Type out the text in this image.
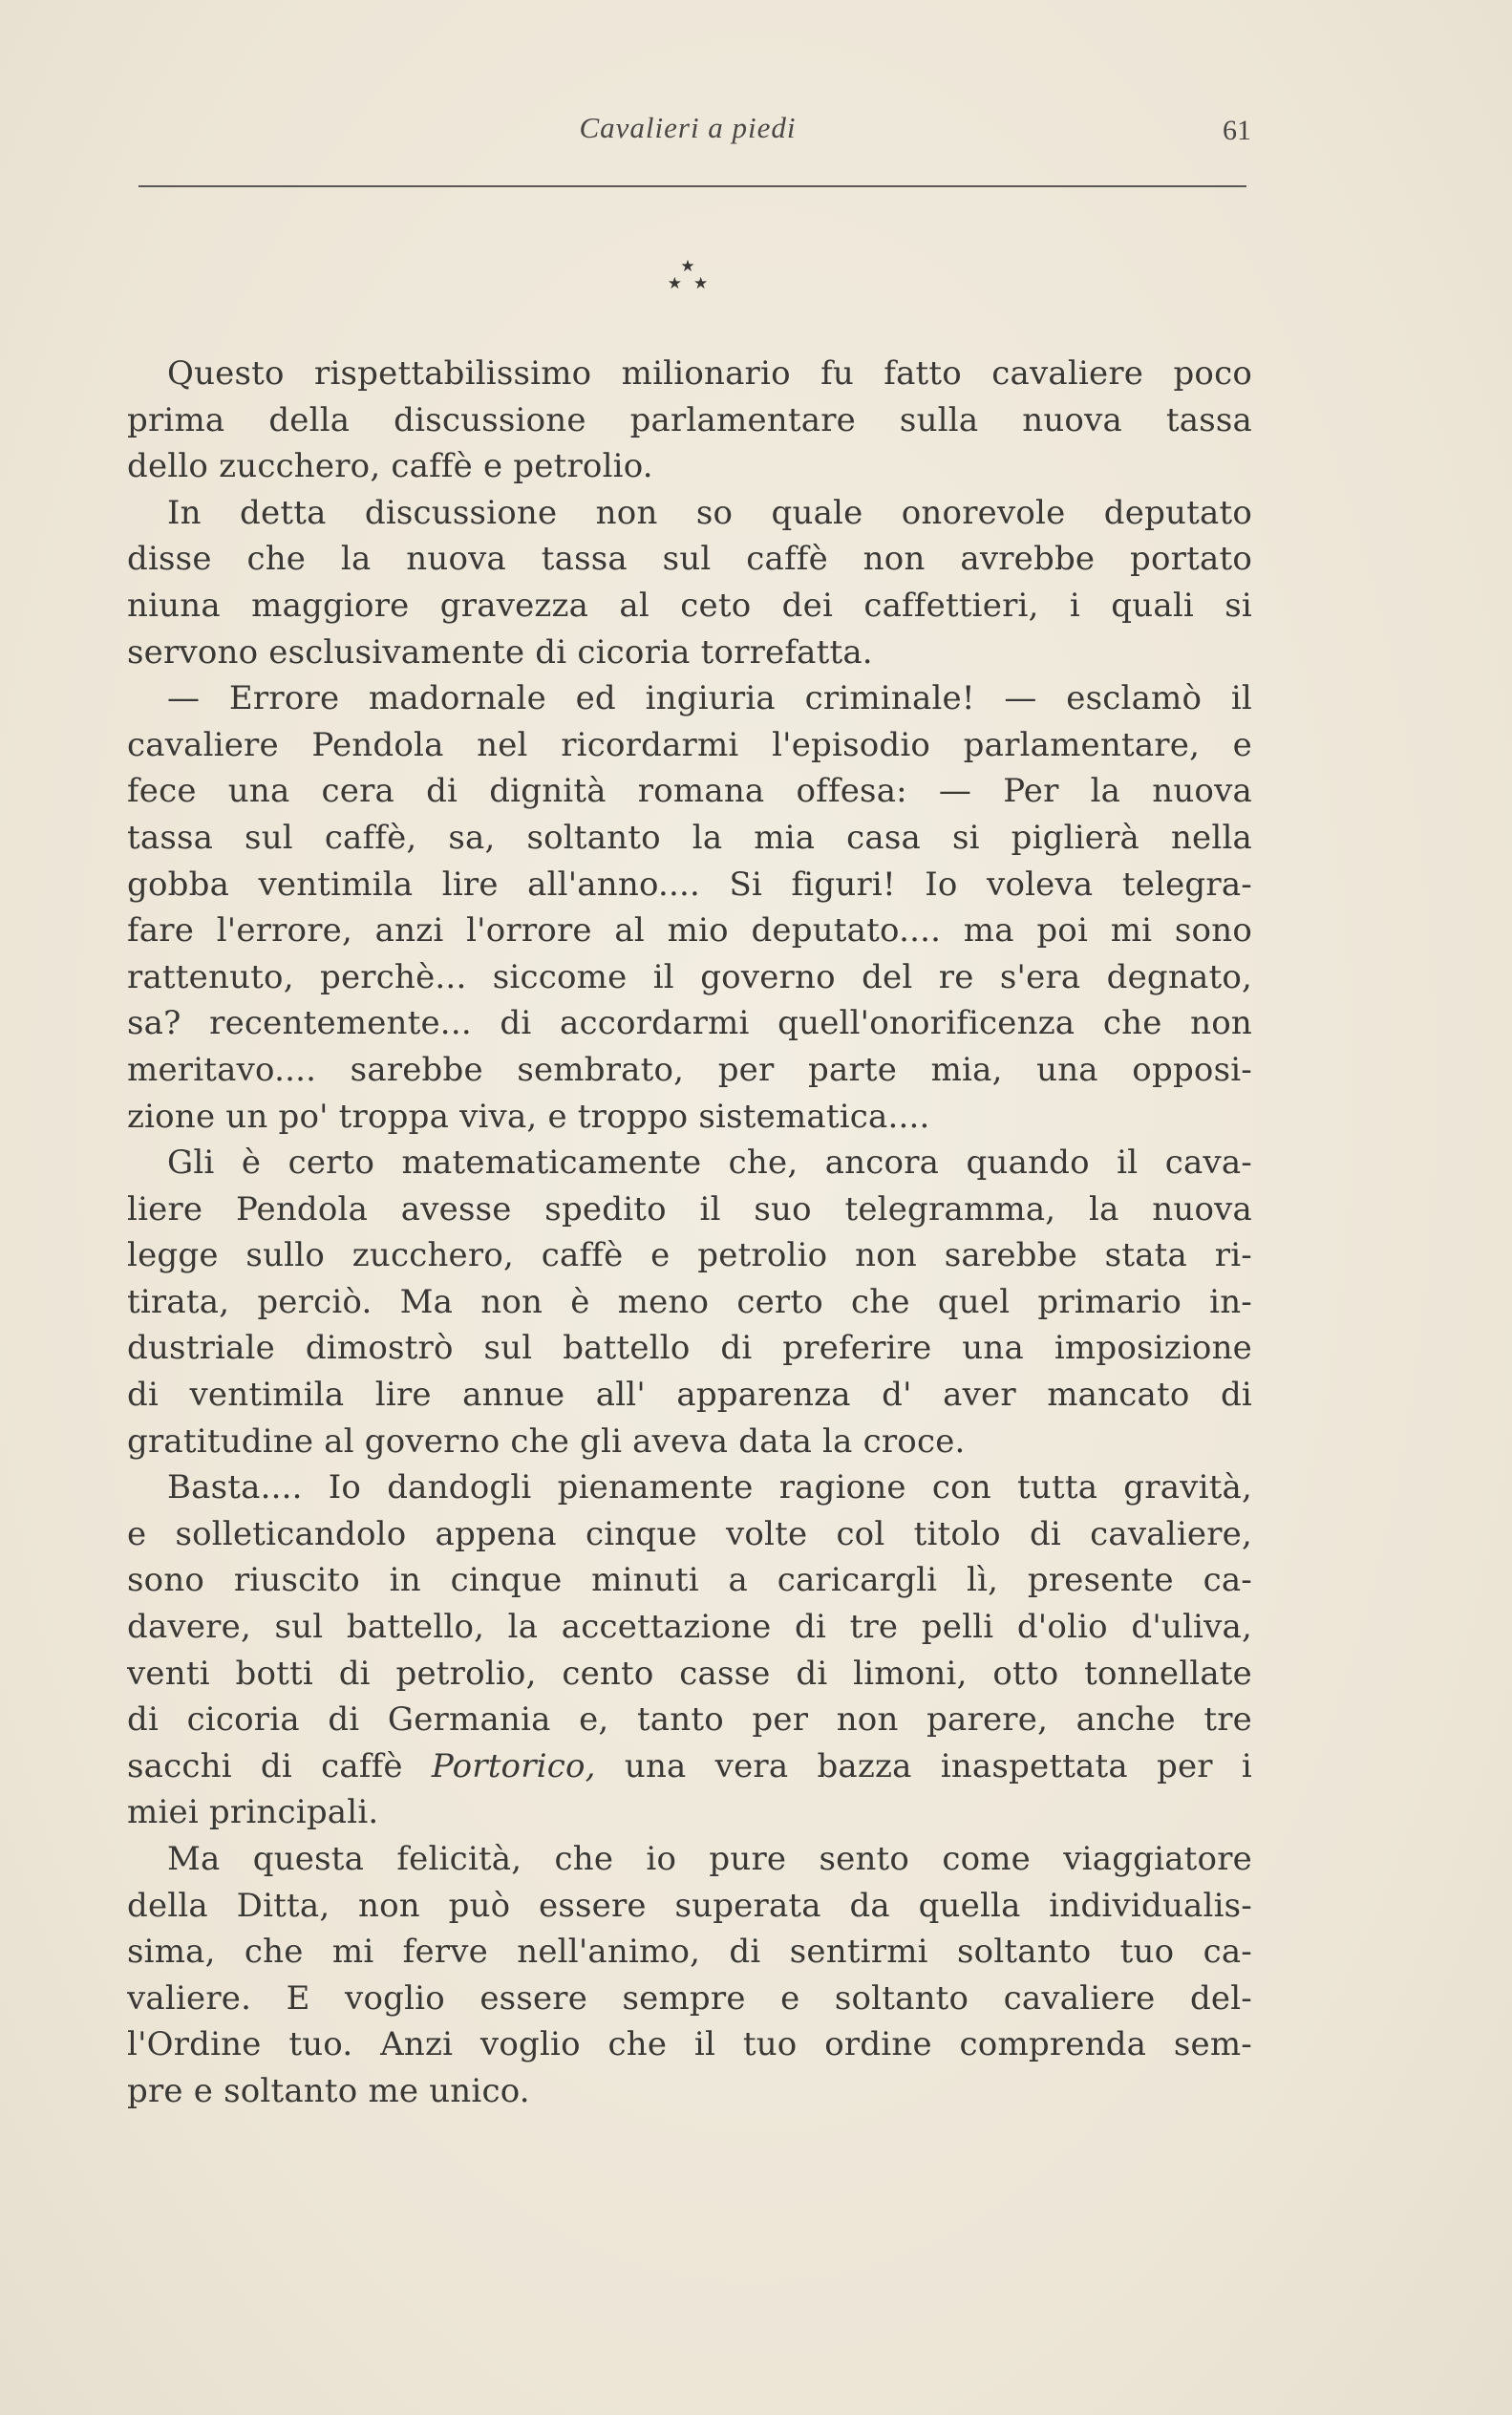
Cavalieri a piedi	61
★
★★
Questo rispettabilissimo milionario fu fatto cavaliere poco
prima della discussione parlamentare sulla nuova tassa
dello zucchero, caffè e petrolio.
In detta discussione non so quale onorevole deputato
disse che la nuova tassa sul caffè non avrebbe portato
niuna maggiore gravezza al ceto dei caffettieri, i quali si
servono esclusivamente di cicoria torrefatta.
— Errore madornale ed ingiuria criminale! — esclamò il
cavaliere Pendola nel ricordarmi l'episodio parlamentare, e
fece una cera di dignità romana offesa: — Per la nuova
tassa sul caffè, sa, soltanto la mia casa si piglierà nella
gobba ventimila lire all'anno.... Si figuri! Io voleva telegra-
fare l'errore, anzi l'orrore al mio deputato.... ma poi mi sono
rattenuto, perchè... siccome il governo del re s'era degnato,
sa? recentemente... di accordarmi quell'onorificenza che non
meritavo.... sarebbe sembrato, per parte mia, una opposi-
zione un po' troppa viva, e troppo sistematica....
Gli è certo matematicamente che, ancora quando il cava-
liere Pendola avesse spedito il suo telegramma, la nuova
legge sullo zucchero, caffè e petrolio non sarebbe stata ri-
tirata, perciò. Ma non è meno certo che quel primario in-
dustriale dimostrò sul battello di preferire una imposizione
di ventimila lire annue all' apparenza d' aver mancato di
gratitudine al governo che gli aveva data la croce.
Basta.... Io dandogli pienamente ragione con tutta gravità,
e solleticandolo appena cinque volte col titolo di cavaliere,
sono riuscito in cinque minuti a caricargli lì, presente ca-
davere, sul battello, la accettazione di tre pelli d'olio d'uliva,
venti botti di petrolio, cento casse di limoni, otto tonnellate
di cicoria di Germania e, tanto per non parere, anche tre
sacchi di caffè Portorico, una vera bazza inaspettata per i
miei principali.
Ma questa felicità, che io pure sento come viaggiatore
della Ditta, non può essere superata da quella individualis-
sima, che mi ferve nell'animo, di sentirmi soltanto tuo ca-
valiere. E voglio essere sempre e soltanto cavaliere del-
l'Ordine tuo. Anzi voglio che il tuo ordine comprenda sem-
pre e soltanto me unico.
